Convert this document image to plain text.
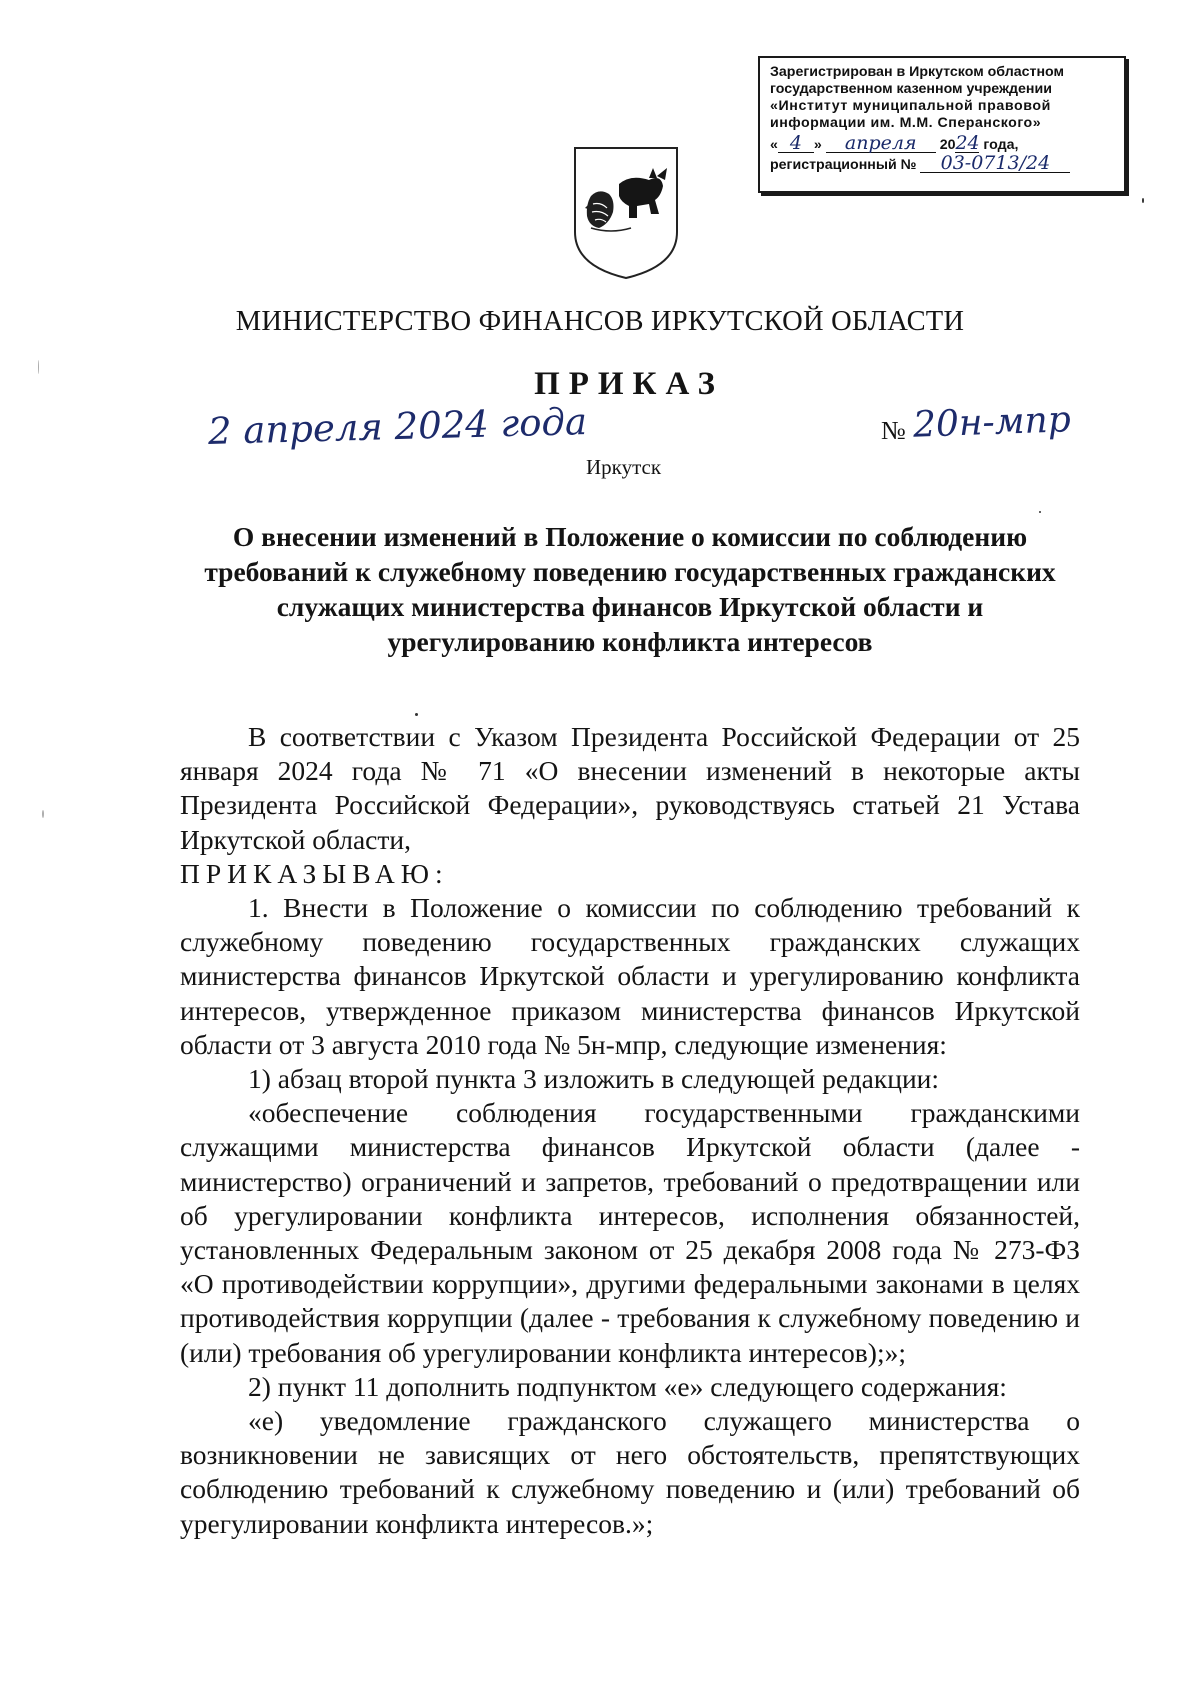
Зарегистрирован в Иркутском областном
государственном казенном учреждении
«Институт муниципальной правовой
информации им. М.М. Сперанского»
« 4 » апреля 2024 года,
регистрационный № 03-0713/24
МИНИСТЕРСТВО ФИНАНСОВ ИРКУТСКОЙ ОБЛАСТИ
ПРИКАЗ
2 апреля 2024 года	№ 20н-мпр
Иркутск
О внесении изменений в Положение о комиссии по соблюдению требований к служебному поведению государственных гражданских служащих министерства финансов Иркутской области и урегулированию конфликта интересов

В соответствии с Указом Президента Российской Федерации от 25 января 2024 года № 71 «О внесении изменений в некоторые акты Президента Российской Федерации», руководствуясь статьей 21 Устава Иркутской области,

ПРИКАЗЫВАЮ:

1. Внести в Положение о комиссии по соблюдению требований к служебному поведению государственных гражданских служащих министерства финансов Иркутской области и урегулированию конфликта интересов, утвержденное приказом министерства финансов Иркутской области от 3 августа 2010 года № 5н-мпр, следующие изменения:

1) абзац второй пункта 3 изложить в следующей редакции:

«обеспечение соблюдения государственными гражданскими служащими министерства финансов Иркутской области (далее - министерство) ограничений и запретов, требований о предотвращении или об урегулировании конфликта интересов, исполнения обязанностей, установленных Федеральным законом от 25 декабря 2008 года № 273-ФЗ «О противодействии коррупции», другими федеральными законами в целях противодействия коррупции (далее - требования к служебному поведению и (или) требования об урегулировании конфликта интересов);»;

2) пункт 11 дополнить подпунктом «е» следующего содержания:

«е) уведомление гражданского служащего министерства о возникновении не зависящих от него обстоятельств, препятствующих соблюдению требований к служебному поведению и (или) требований об урегулировании конфликта интересов.»;
